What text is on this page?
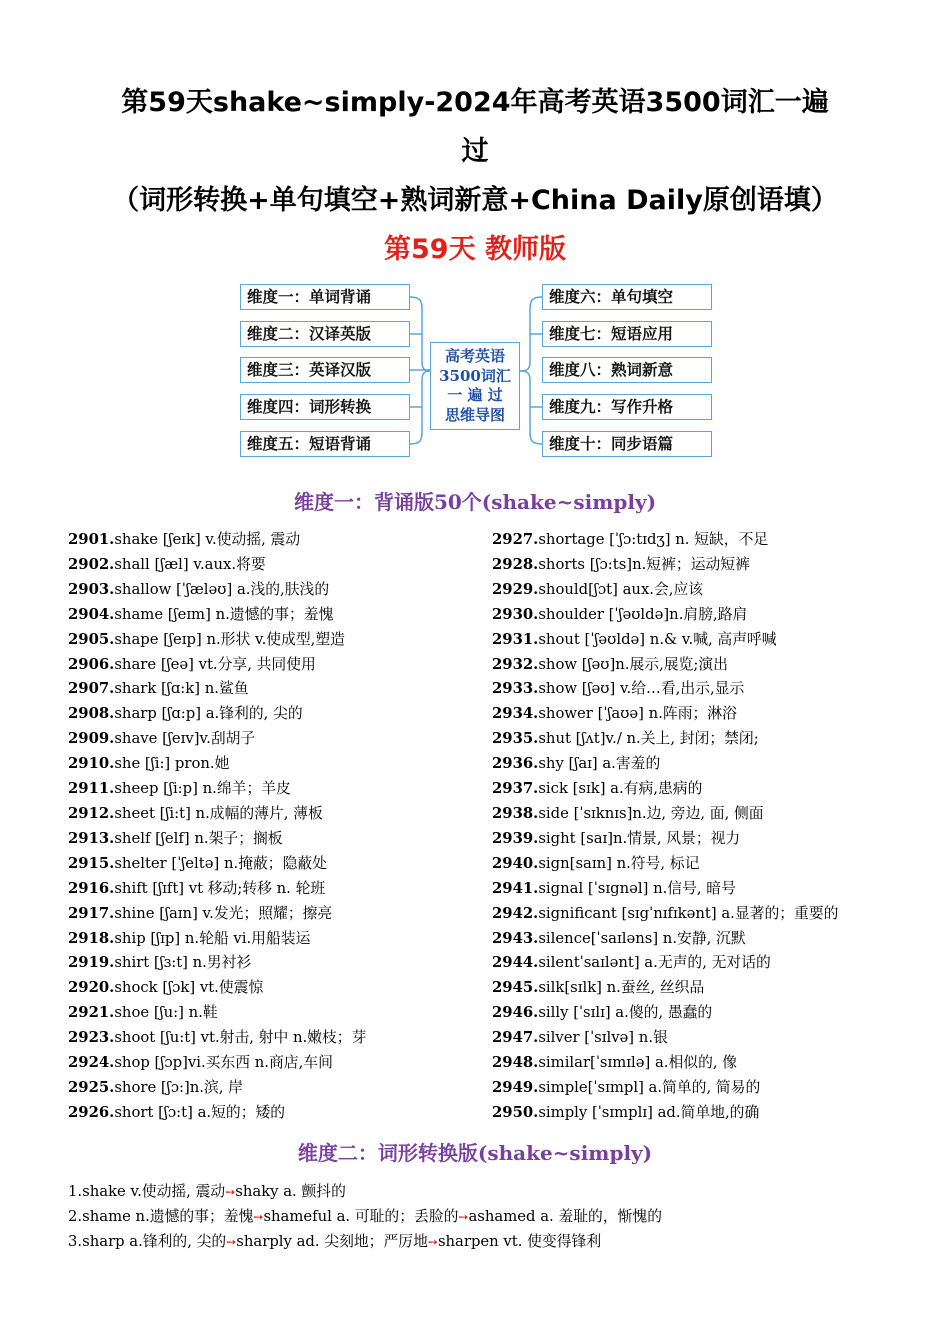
第59天shake~simply-2024年高考英语3500词汇一遍
过
（词形转换+单句填空+熟词新意+China Daily原创语填）
第59天 教师版
维度一：单词背诵
维度二：汉译英版
维度三：英译汉版
维度四：词形转换
维度五：短语背诵
高考英语
3500词汇
一 遍 过
思维导图
维度六：单句填空
维度七：短语应用
维度八：熟词新意
维度九：写作升格
维度十：同步语篇
维度一：背诵版50个(shake~simply)
2901.shake [ʃeɪk] v.使动摇, 震动
2902.shall [ʃæl] v.aux.将要
2903.shallow [ˈʃæləʊ] a.浅的,肤浅的
2904.shame [ʃeɪm] n.遗憾的事；羞愧
2905.shape [ʃeɪp] n.形状 v.使成型,塑造
2906.share [ʃeə] vt.分享, 共同使用
2907.shark [ʃɑ:k] n.鲨鱼
2908.sharp [ʃɑ:p] a.锋利的, 尖的
2909.shave [ʃeɪv]v.刮胡子
2910.she [ʃi:] pron.她
2911.sheep [ʃi:p] n.绵羊；羊皮
2912.sheet [ʃi:t] n.成幅的薄片, 薄板
2913.shelf [ʃelf] n.架子；搁板
2915.shelter [ˈʃeltə] n.掩蔽；隐蔽处
2916.shift [ʃɪft] vt 移动;转移 n. 轮班
2917.shine [ʃaɪn] v.发光；照耀；擦亮
2918.ship [ʃɪp] n.轮船 vi.用船装运
2919.shirt [ʃɜ:t] n.男衬衫
2920.shock [ʃɔk] vt.使震惊
2921.shoe [ʃu:] n.鞋
2923.shoot [ʃu:t] vt.射击, 射中 n.嫩枝；芽
2924.shop [ʃɔp]vi.买东西 n.商店,车间
2925.shore [ʃɔ:]n.滨, 岸
2926.short [ʃɔ:t] a.短的；矮的
2927.shortage [ˈʃɔ:tɪdʒ] n. 短缺，不足
2928.shorts [ʃɔ:ts]n.短裤；运动短裤
2929.should[ʃɔt] aux.会,应该
2930.shoulder [ˈʃəʊldə]n.肩膀,路肩
2931.shout [ˈʃəʊldə] n.& v.喊, 高声呼喊
2932.show [ʃəʊ]n.展示,展览;演出
2933.show [ʃəʊ] v.给…看,出示,显示
2934.shower [ˈʃaʊə] n.阵雨；淋浴
2935.shut [ʃʌt]v./ n.关上, 封闭；禁闭;
2936.shy [ʃaɪ] a.害羞的
2937.sick [sɪk] a.有病,患病的
2938.side [ˈsɪknɪs]n.边, 旁边, 面, 侧面
2939.sight [saɪ]n.情景, 风景；视力
2940.sign[saɪn] n.符号, 标记
2941.signal [ˈsɪgnəl] n.信号, 暗号
2942.significant [sɪgˈnɪfɪkənt] a.显著的；重要的
2943.silence[ˈsaɪləns] n.安静, 沉默
2944.silentˈsaɪlənt] a.无声的, 无对话的
2945.silk[sɪlk] n.蚕丝, 丝织品
2946.silly [ˈsɪlɪ] a.傻的, 愚蠢的
2947.silver [ˈsɪlvə] n.银
2948.similar[ˈsɪmɪlə] a.相似的, 像
2949.simple[ˈsɪmpl] a.简单的, 简易的
2950.simply [ˈsɪmplɪ] ad.简单地,的确
维度二：词形转换版(shake~simply)
1.shake v.使动摇, 震动➙shaky a. 颤抖的
2.shame n.遗憾的事；羞愧➙shameful a. 可耻的；丢脸的➙ashamed a. 羞耻的，惭愧的
3.sharp a.锋利的, 尖的➙sharply ad. 尖刻地；严厉地➙sharpen vt. 使变得锋利
